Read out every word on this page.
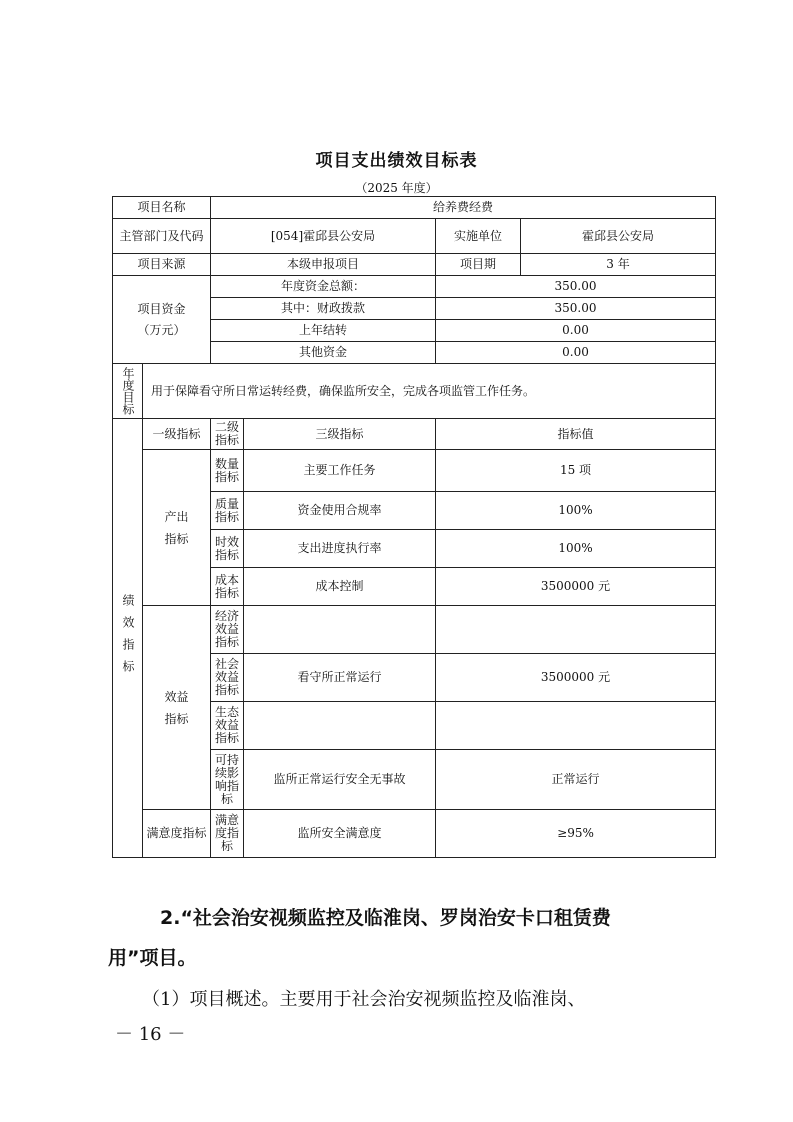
项目支出绩效目标表
（2025 年度）
项目名称		给养费经费			
主管部门及代码		[054]霍邱县公安局		实施单位	霍邱县公安局
项目来源		本级申报项目		项目期	3 年

项目资金
（万元）		年度资金总额：		350.00	
		其中：财政拨款		350.00	
		上年结转		0.00	
		其他资金		0.00	

年度目标	用于保障看守所日常运转经费，确保监所安全，完成各项监管工作任务。				

绩效指标	一级指标	二级指标	三级指标	指标值	

	产出指标	数量指标	主要工作任务	15 项	
		质量指标	资金使用合规率	100%	
		时效指标	支出进度执行率	100%	
		成本指标	成本控制	3500000 元	

	效益指标	经济效益指标			
		社会效益指标	看守所正常运行	3500000 元	
		生态效益指标			
		可持续影响指标	监所正常运行安全无事故	正常运行	
	满意度指标	满意度指标	监所安全满意度	≥95%	
2.“社会治安视频监控及临淮岗、罗岗治安卡口租赁费
用”项目。
（1）项目概述。主要用于社会治安视频监控及临淮岗、
－ 16 －
